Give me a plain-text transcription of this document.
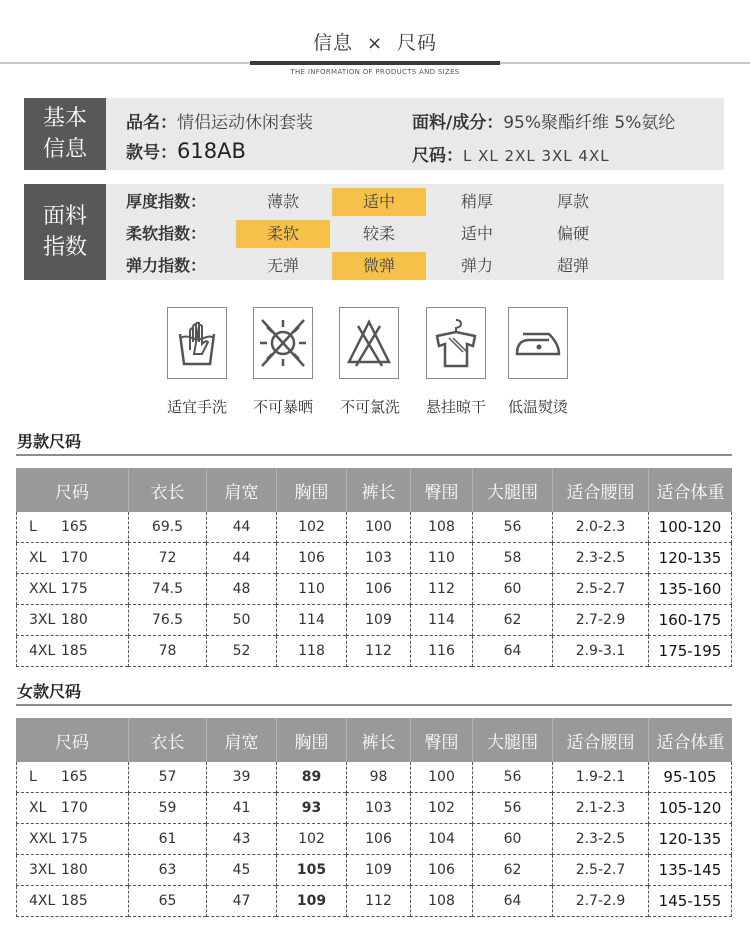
信息 × 尺码
THE INFORMATION OF PRODUCTS AND SIZES
基本
信息
品名：情侣运动休闲套装	面料/成分：95%聚酯纤维 5%氨纶
款号：618AB	尺码：L XL 2XL 3XL 4XL
面料
指数
厚度指数：	薄款	适中	稍厚	厚款
柔软指数：	柔软	较柔	适中	偏硬
弹力指数：	无弹	微弹	弹力	超弹
适宜手洗	不可暴晒	不可氯洗	悬挂晾干	低温熨烫
男款尺码
尺码	衣长	肩宽	胸围	裤长	臀围	大腿围	适合腰围	适合体重
L 165	69.5	44	102	100	108	56	2.0-2.3	100-120
XL 170	72	44	106	103	110	58	2.3-2.5	120-135
XXL 175	74.5	48	110	106	112	60	2.5-2.7	135-160
3XL 180	76.5	50	114	109	114	62	2.7-2.9	160-175
4XL 185	78	52	118	112	116	64	2.9-3.1	175-195
女款尺码
尺码	衣长	肩宽	胸围	裤长	臀围	大腿围	适合腰围	适合体重
L 165	57	39	89	98	100	56	1.9-2.1	95-105
XL 170	59	41	93	103	102	56	2.1-2.3	105-120
XXL 175	61	43	102	106	104	60	2.3-2.5	120-135
3XL 180	63	45	105	109	106	62	2.5-2.7	135-145
4XL 185	65	47	109	112	108	64	2.7-2.9	145-155
